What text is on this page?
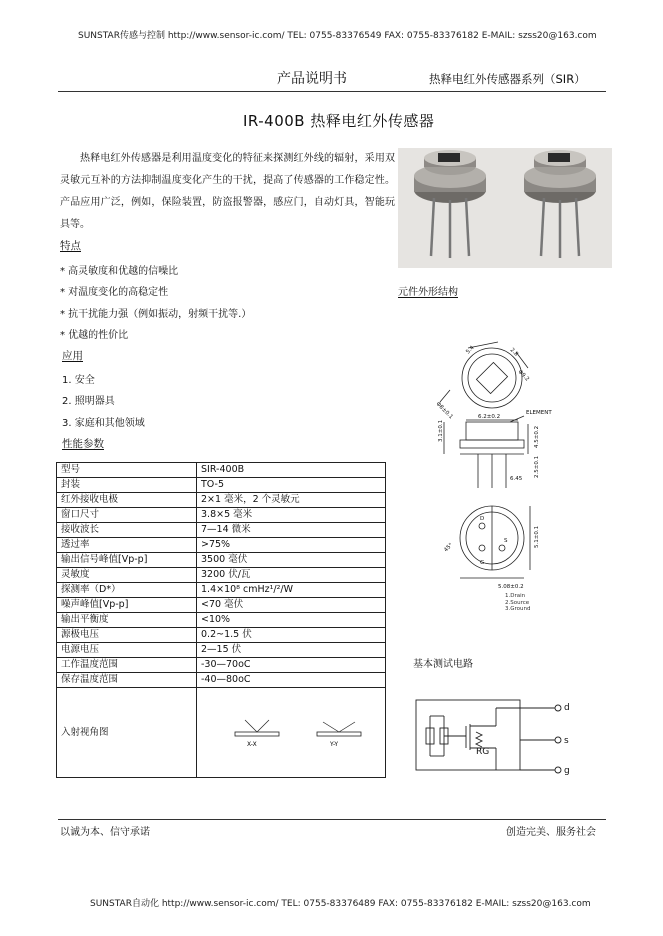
SUNSTAR传感与控制 http://www.sensor-ic.com/ TEL: 0755-83376549 FAX: 0755-83376182 E-MAIL: szss20@163.com
产品说明书	热释电红外传感器系列（SIR）
IR-400B 热释电红外传感器
热释电红外传感器是利用温度变化的特征来探测红外线的辐射，采用双灵敏元互补的方法抑制温度变化产生的干扰，提高了传感器的工作稳定性。产品应用广泛，例如，保险装置，防盗报警器，感应门，自动灯具，智能玩具等。
特点
* 高灵敏度和优越的信噪比
* 对温度变化的高稳定性
* 抗干扰能力强（例如振动，射频干扰等.）
* 优越的性价比
应用
1. 安全
2. 照明器具
3. 家庭和其他领域
性能参数
型号	SIR-400B
封装	TO-5
红外接收电极	2×1 毫米，2 个灵敏元
窗口尺寸	3.8×5 毫米
接收波长	7—14 微米
透过率	>75%
输出信号峰值[Vp-p]	3500 毫伏
灵敏度	3200 伏/瓦
探测率（D*）	1.4×10⁸ cmHz¹/²/W
噪声峰值[Vp-p]	<70 毫伏
输出平衡度	<10%
源极电压	0.2~1.5 伏
电源电压	2—15 伏
工作温度范围	-30—70oC
保存温度范围	-40—80oC
入射视角图	X-X Y-Y
元件外形结构
5.4	2.8
Φ8±0.1
Φ9.2
6.2±0.2
3.1±0.1	4.5±0.2
2.5±0.1
6.45
ELEMENT
5.1±0.1
5.08±0.2
45°
D
S
G
1.Drain
2.Source
3.Ground
基本测试电路
RG
d
s
g
以诚为本、信守承诺	创造完美、服务社会
SUNSTAR自动化 http://www.sensor-ic.com/ TEL: 0755-83376489 FAX: 0755-83376182 E-MAIL: szss20@163.com
